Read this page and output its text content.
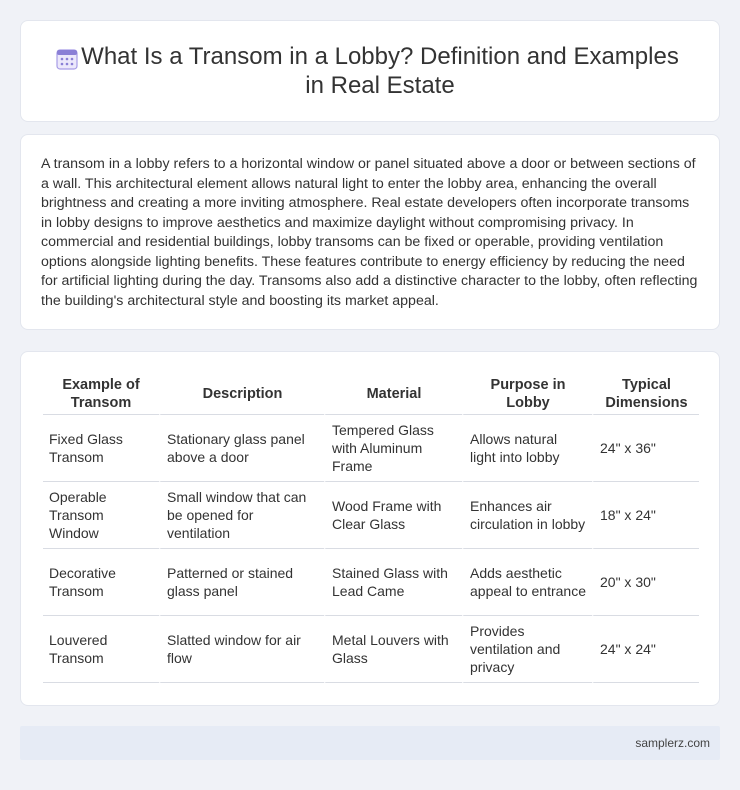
What Is a Transom in a Lobby? Definition and Examples in Real Estate

A transom in a lobby refers to a horizontal window or panel situated above a door or between sections of a wall. This architectural element allows natural light to enter the lobby area, enhancing the overall brightness and creating a more inviting atmosphere. Real estate developers often incorporate transoms in lobby designs to improve aesthetics and maximize daylight without compromising privacy. In commercial and residential buildings, lobby transoms can be fixed or operable, providing ventilation options alongside lighting benefits. These features contribute to energy efficiency by reducing the need for artificial lighting during the day. Transoms also add a distinctive character to the lobby, often reflecting the building's architectural style and boosting its market appeal.

Example of Transom	Description	Material	Purpose in Lobby	Typical Dimensions
Fixed Glass Transom	Stationary glass panel above a door	Tempered Glass with Aluminum Frame	Allows natural light into lobby	24" x 36"
Operable Transom Window	Small window that can be opened for ventilation	Wood Frame with Clear Glass	Enhances air circulation in lobby	18" x 24"
Decorative Transom	Patterned or stained glass panel	Stained Glass with Lead Came	Adds aesthetic appeal to entrance	20" x 30"
Louvered Transom	Slatted window for air flow	Metal Louvers with Glass	Provides ventilation and privacy	24" x 24"
samplerz.com
